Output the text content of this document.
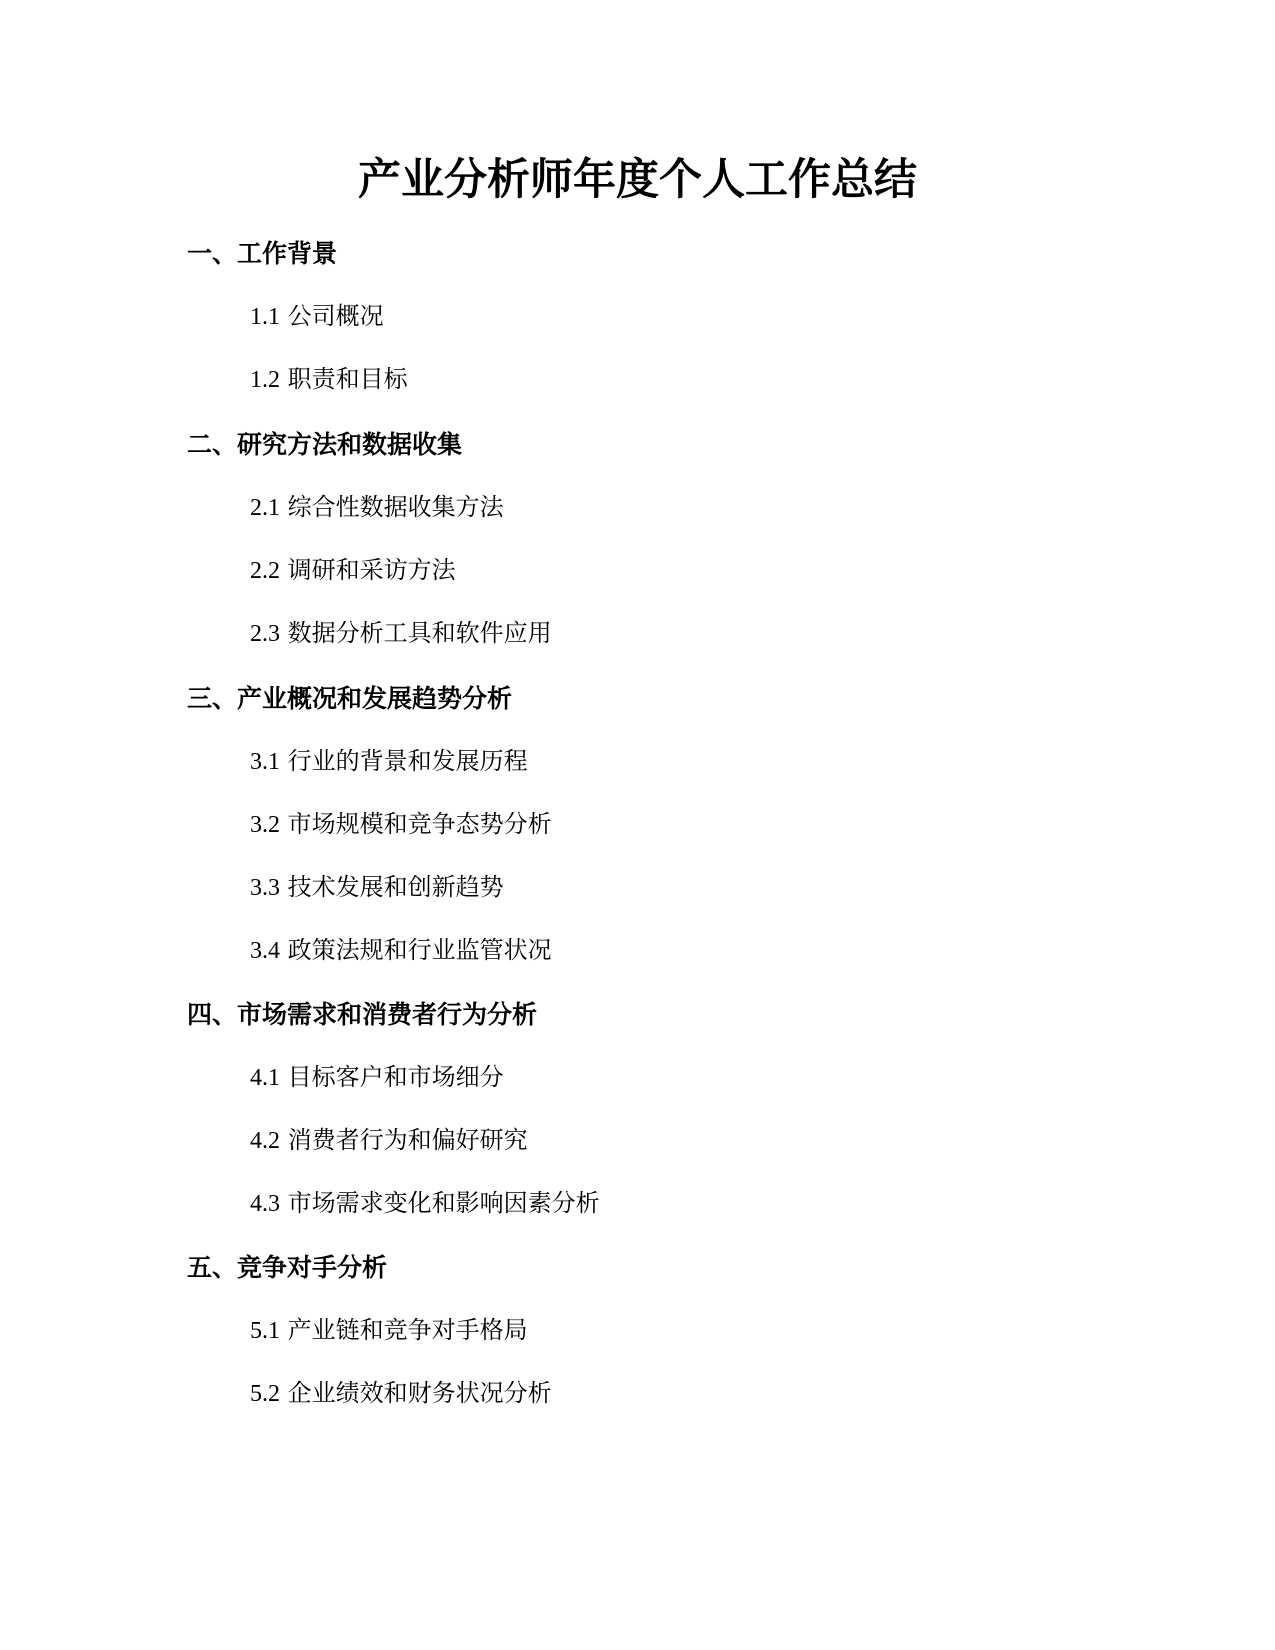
产业分析师年度个人工作总结
一、工作背景
1.1 公司概况
1.2 职责和目标
二、研究方法和数据收集
2.1 综合性数据收集方法
2.2 调研和采访方法
2.3 数据分析工具和软件应用
三、产业概况和发展趋势分析
3.1 行业的背景和发展历程
3.2 市场规模和竞争态势分析
3.3 技术发展和创新趋势
3.4 政策法规和行业监管状况
四、市场需求和消费者行为分析
4.1 目标客户和市场细分
4.2 消费者行为和偏好研究
4.3 市场需求变化和影响因素分析
五、竞争对手分析
5.1 产业链和竞争对手格局
5.2 企业绩效和财务状况分析
